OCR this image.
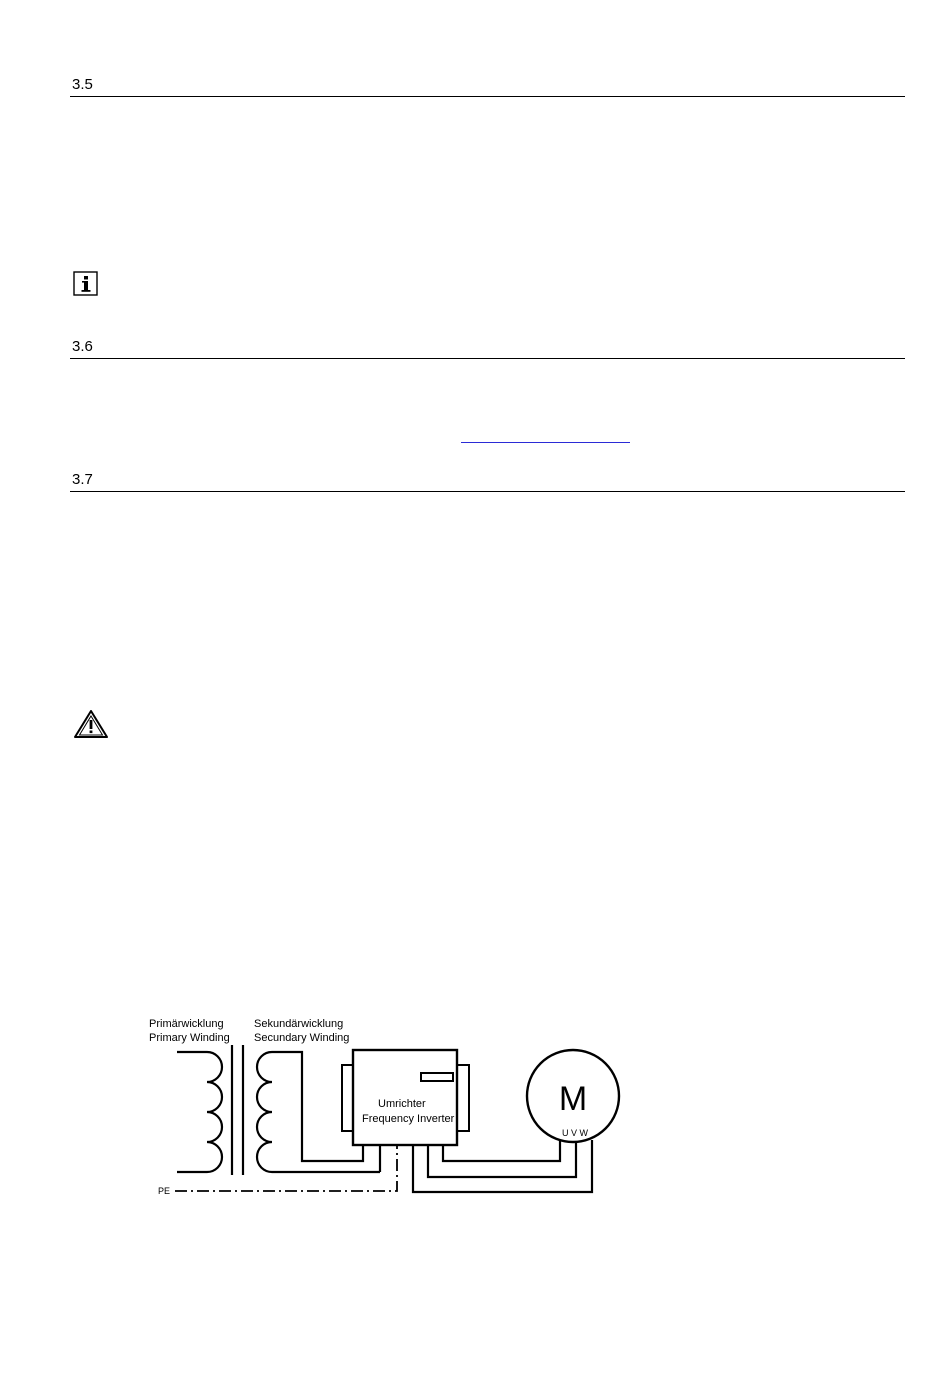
3.5
3.6
3.7
Primärwicklung
Primary Winding
Sekundärwicklung
Secundary Winding
PE
Umrichter
Frequency Inverter
M
U V W
